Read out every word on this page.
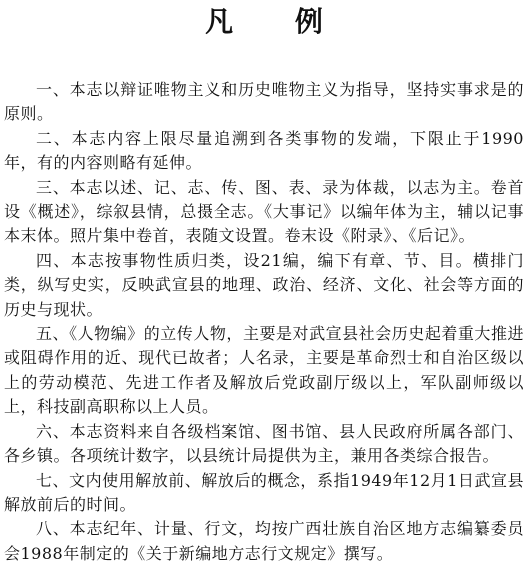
凡 例

一、本志以辩证唯物主义和历史唯物主义为指导，坚持实事求是的原则。

二、本志内容上限尽量追溯到各类事物的发端，下限止于1990年，有的内容则略有延伸。

三、本志以述、记、志、传、图、表、录为体裁，以志为主。卷首设《概述》，综叙县情，总摄全志。《大事记》以编年体为主，辅以记事本末体。照片集中卷首，表随文设置。卷末设《附录》、《后记》。

四、本志按事物性质归类，设21编，编下有章、节、目。横排门类，纵写史实，反映武宣县的地理、政治、经济、文化、社会等方面的历史与现状。

五、《人物编》的立传人物，主要是对武宣县社会历史起着重大推进或阻碍作用的近、现代已故者；人名录，主要是革命烈士和自治区级以上的劳动模范、先进工作者及解放后党政副厅级以上，军队副师级以上，科技副高职称以上人员。

六、本志资料来自各级档案馆、图书馆、县人民政府所属各部门、各乡镇。各项统计数字，以县统计局提供为主，兼用各类综合报告。

七、文内使用解放前、解放后的概念，系指1949年12月1日武宣县解放前后的时间。

八、本志纪年、计量、行文，均按广西壮族自治区地方志编纂委员会1988年制定的《关于新编地方志行文规定》撰写。
